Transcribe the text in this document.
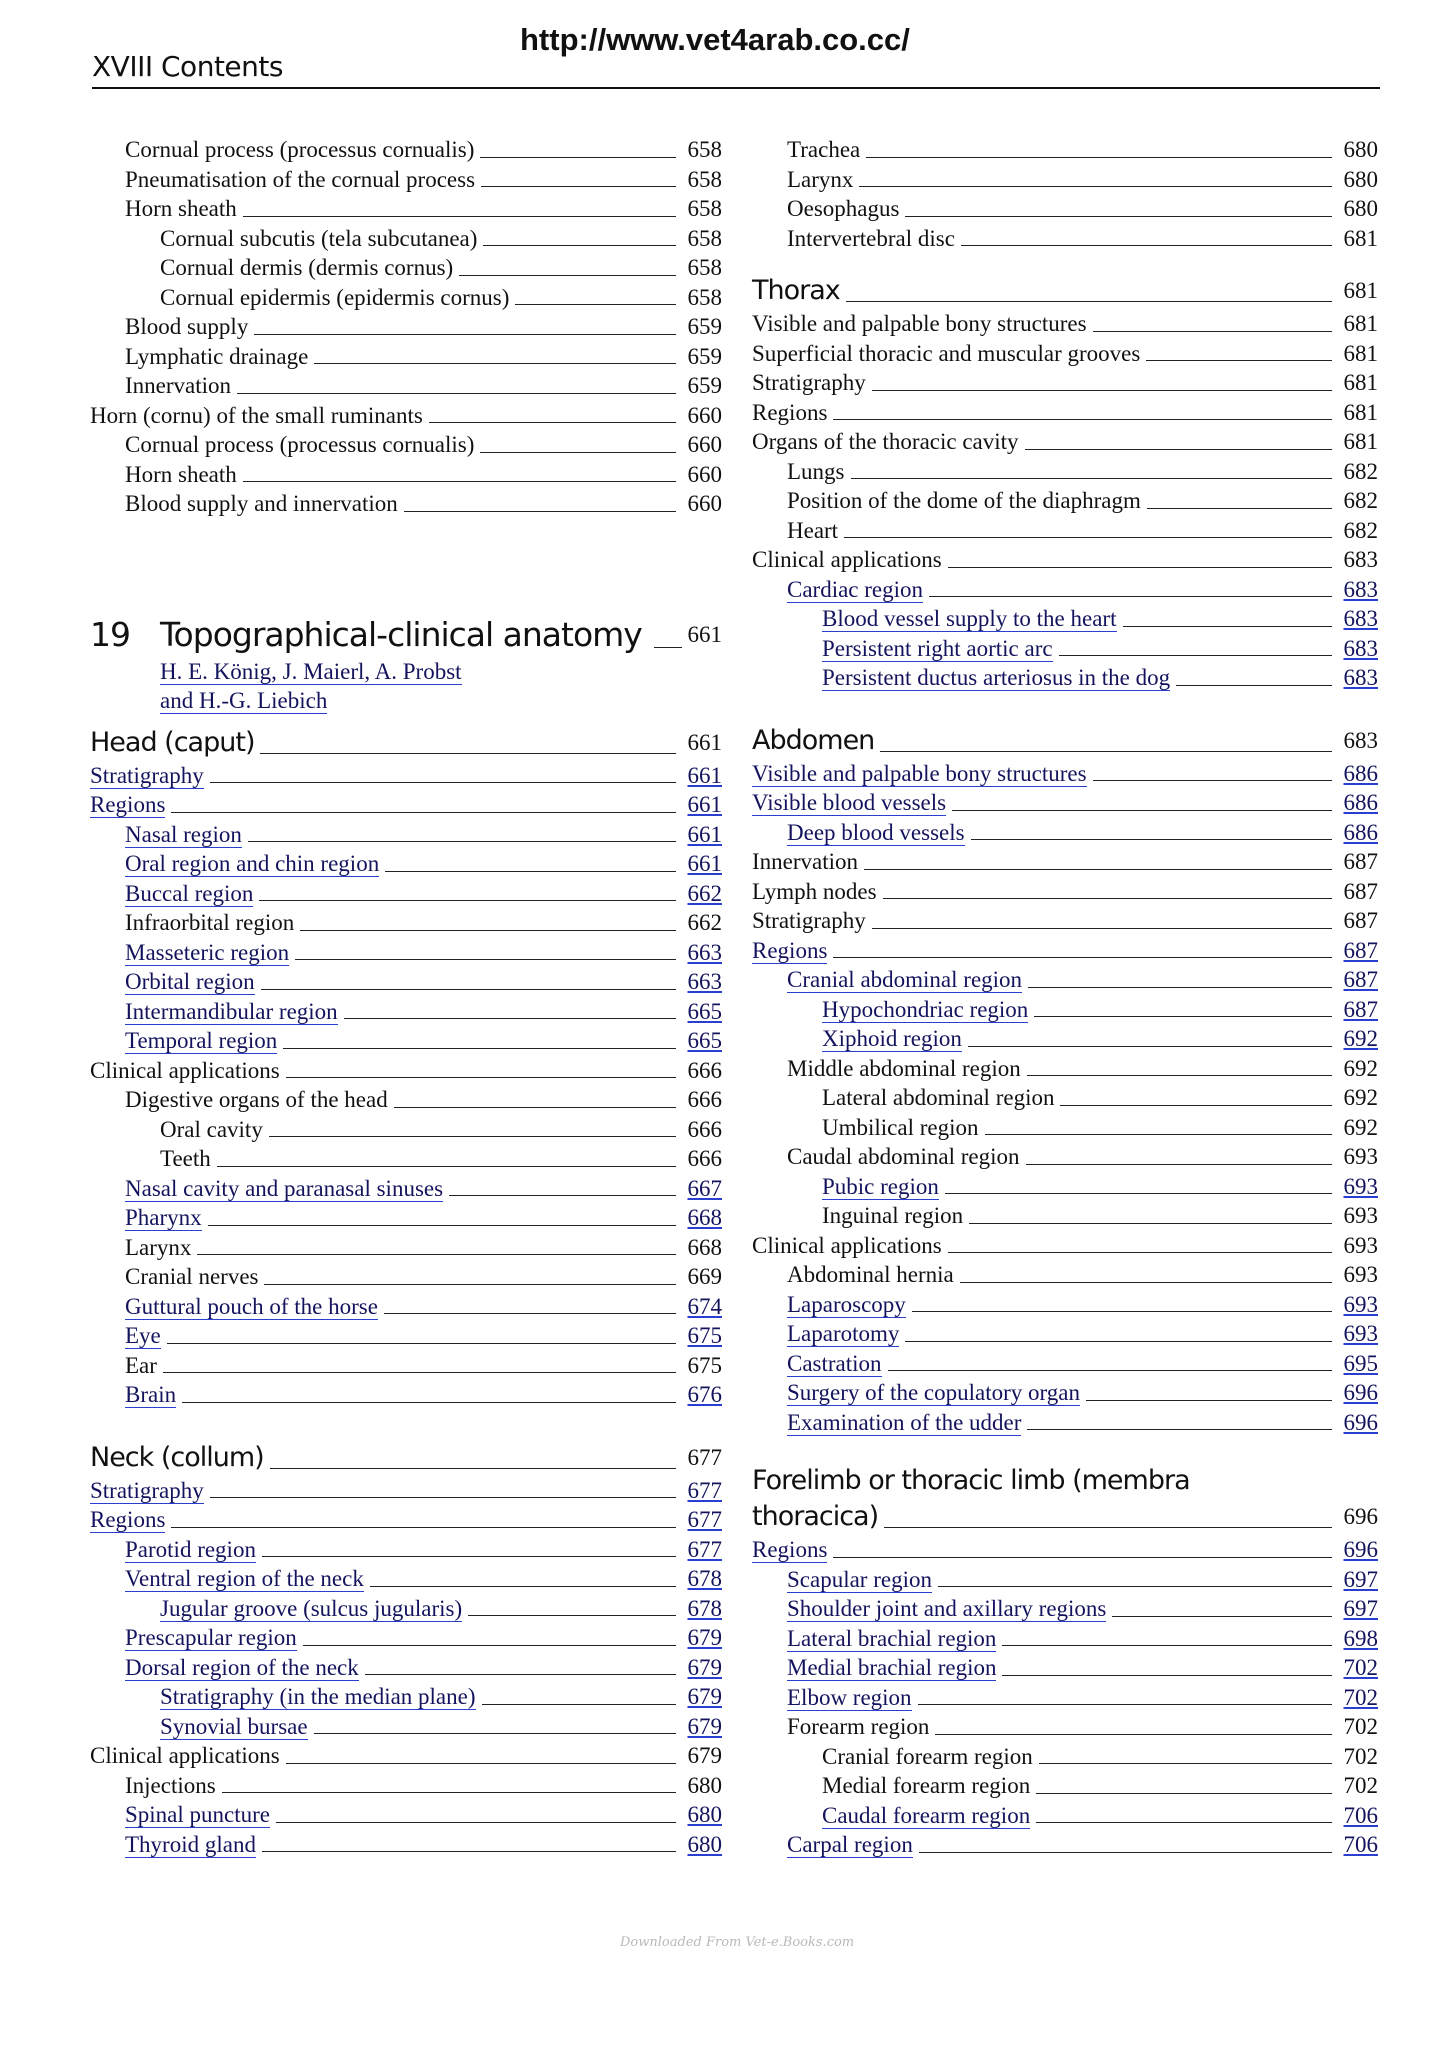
http://www.vet4arab.co.cc/
XVIII Contents
Cornual process (processus cornualis)	658
Pneumatisation of the cornual process	658
Horn sheath	658
Cornual subcutis (tela subcutanea)	658
Cornual dermis (dermis cornus)	658
Cornual epidermis (epidermis cornus)	658
Blood supply	659
Lymphatic drainage	659
Innervation	659
Horn (cornu) of the small ruminants	660
Cornual process (processus cornualis)	660
Horn sheath	660
Blood supply and innervation	660
19 Topographical-clinical anatomy 661
H. E. König, J. Maierl, A. Probst
and H.-G. Liebich
Head (caput)	661
Stratigraphy	661
Regions	661
Nasal region	661
Oral region and chin region	661
Buccal region	662
Infraorbital region	662
Masseteric region	663
Orbital region	663
Intermandibular region	665
Temporal region	665
Clinical applications	666
Digestive organs of the head	666
Oral cavity	666
Teeth	666
Nasal cavity and paranasal sinuses	667
Pharynx	668
Larynx	668
Cranial nerves	669
Guttural pouch of the horse	674
Eye	675
Ear	675
Brain	676
Neck (collum)	677
Stratigraphy	677
Regions	677
Parotid region	677
Ventral region of the neck	678
Jugular groove (sulcus jugularis)	678
Prescapular region	679
Dorsal region of the neck	679
Stratigraphy (in the median plane)	679
Synovial bursae	679
Clinical applications	679
Injections	680
Spinal puncture	680
Thyroid gland	680
Trachea	680
Larynx	680
Oesophagus	680
Intervertebral disc	681
Thorax	681
Visible and palpable bony structures	681
Superficial thoracic and muscular grooves	681
Stratigraphy	681
Regions	681
Organs of the thoracic cavity	681
Lungs	682
Position of the dome of the diaphragm	682
Heart	682
Clinical applications	683
Cardiac region	683
Blood vessel supply to the heart	683
Persistent right aortic arc	683
Persistent ductus arteriosus in the dog	683
Abdomen	683
Visible and palpable bony structures	686
Visible blood vessels	686
Deep blood vessels	686
Innervation	687
Lymph nodes	687
Stratigraphy	687
Regions	687
Cranial abdominal region	687
Hypochondriac region	687
Xiphoid region	692
Middle abdominal region	692
Lateral abdominal region	692
Umbilical region	692
Caudal abdominal region	693
Pubic region	693
Inguinal region	693
Clinical applications	693
Abdominal hernia	693
Laparoscopy	693
Laparotomy	693
Castration	695
Surgery of the copulatory organ	696
Examination of the udder	696
Forelimb or thoracic limb (membra
thoracica)	696
Regions	696
Scapular region	697
Shoulder joint and axillary regions	697
Lateral brachial region	698
Medial brachial region	702
Elbow region	702
Forearm region	702
Cranial forearm region	702
Medial forearm region	702
Caudal forearm region	706
Carpal region	706
Downloaded From Vet-e.Books.com
